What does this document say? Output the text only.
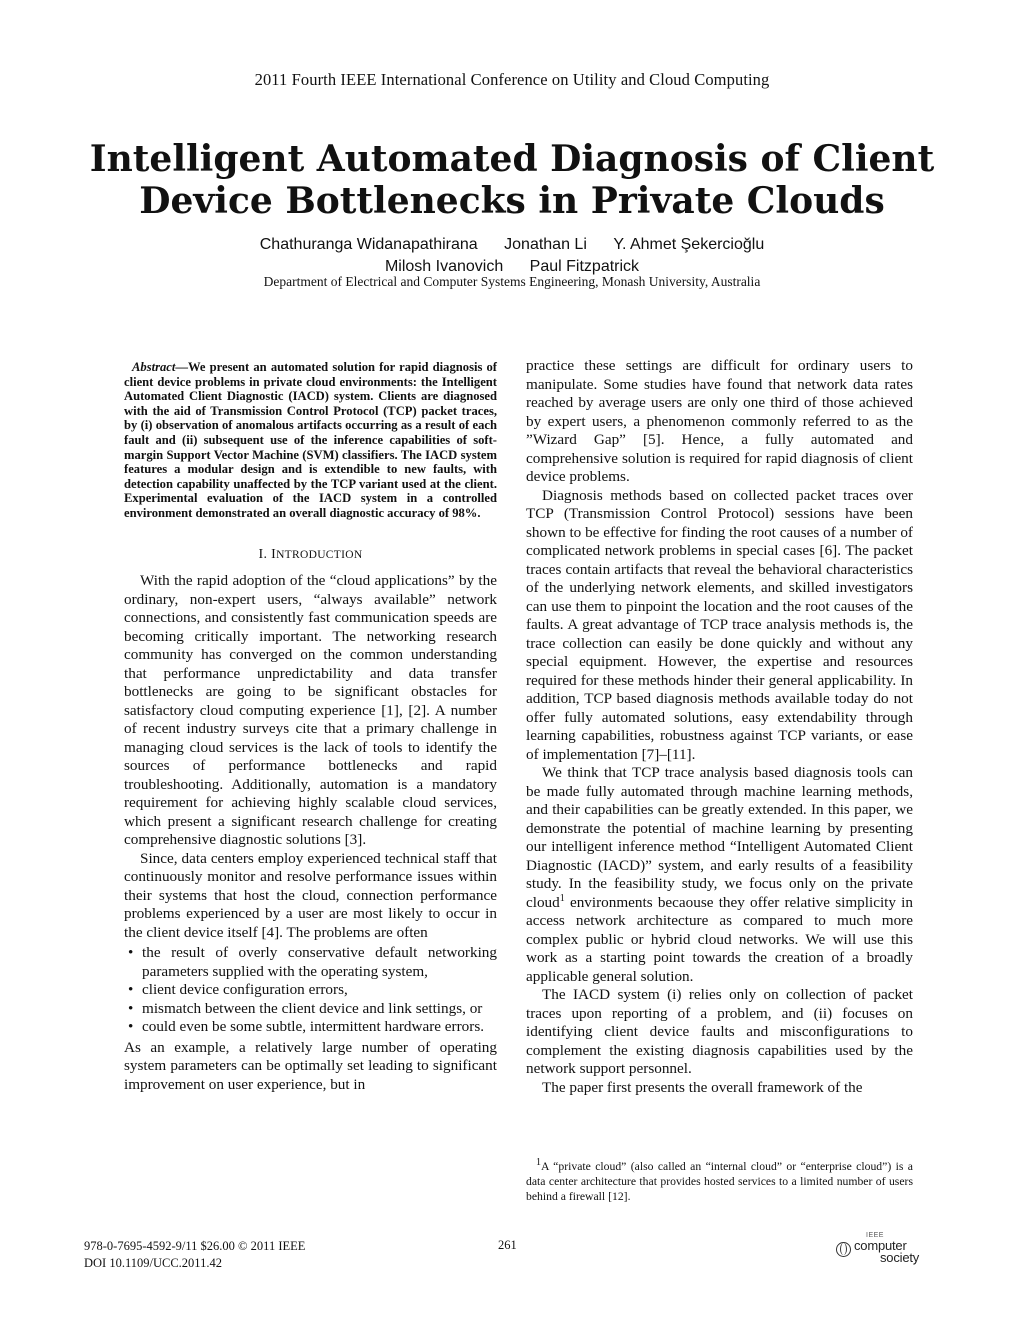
2011 Fourth IEEE International Conference on Utility and Cloud Computing
Intelligent Automated Diagnosis of Client
Device Bottlenecks in Private Clouds
Chathuranga Widanapathirana Jonathan Li Y. Ahmet Şekercioğlu
Milosh Ivanovich Paul Fitzpatrick
Department of Electrical and Computer Systems Engineering, Monash University, Australia

Abstract—We present an automated solution for rapid diagnosis of client device problems in private cloud environments: the Intelligent Automated Client Diagnostic (IACD) system. Clients are diagnosed with the aid of Transmission Control Protocol (TCP) packet traces, by (i) observation of anomalous artifacts occurring as a result of each fault and (ii) subsequent use of the inference capabilities of soft-margin Support Vector Machine (SVM) classifiers. The IACD system features a modular design and is extendible to new faults, with detection capability unaffected by the TCP variant used at the client. Experimental evaluation of the IACD system in a controlled environment demonstrated an overall diagnostic accuracy of 98%.

I. INTRODUCTION

With the rapid adoption of the “cloud applications” by the ordinary, non-expert users, “always available” network connections, and consistently fast communication speeds are becoming critically important. The networking research community has converged on the common understanding that performance unpredictability and data transfer bottlenecks are going to be significant obstacles for satisfactory cloud computing experience [1], [2]. A number of recent industry surveys cite that a primary challenge in managing cloud services is the lack of tools to identify the sources of performance bottlenecks and rapid troubleshooting. Additionally, automation is a mandatory requirement for achieving highly scalable cloud services, which present a significant research challenge for creating comprehensive diagnostic solutions [3].

Since, data centers employ experienced technical staff that continuously monitor and resolve performance issues within their systems that host the cloud, connection performance problems experienced by a user are most likely to occur in the client device itself [4]. The problems are often

• the result of overly conservative default networking parameters supplied with the operating system,
• client device configuration errors,
• mismatch between the client device and link settings, or
• could even be some subtle, intermittent hardware errors.

As an example, a relatively large number of operating system parameters can be optimally set leading to significant improvement on user experience, but in

practice these settings are difficult for ordinary users to manipulate. Some studies have found that network data rates reached by average users are only one third of those achieved by expert users, a phenomenon commonly referred to as the ”Wizard Gap” [5]. Hence, a fully automated and comprehensive solution is required for rapid diagnosis of client device problems.

Diagnosis methods based on collected packet traces over TCP (Transmission Control Protocol) sessions have been shown to be effective for finding the root causes of a number of complicated network problems in special cases [6]. The packet traces contain artifacts that reveal the behavioral characteristics of the underlying network elements, and skilled investigators can use them to pinpoint the location and the root causes of the faults. A great advantage of TCP trace analysis methods is, the trace collection can easily be done quickly and without any special equipment. However, the expertise and resources required for these methods hinder their general applicability. In addition, TCP based diagnosis methods available today do not offer fully automated solutions, easy extendability through learning capabilities, robustness against TCP variants, or ease of implementation [7]–[11].

We think that TCP trace analysis based diagnosis tools can be made fully automated through machine learning methods, and their capabilities can be greatly extended. In this paper, we demonstrate the potential of machine learning by presenting our intelligent inference method “Intelligent Automated Client Diagnostic (IACD)” system, and early results of a feasibility study. In the feasibility study, we focus only on the private cloud$^1$ environments becaouse they offer relative simplicity in access network architecture as compared to much more complex public or hybrid cloud networks. We will use this work as a starting point towards the creation of a broadly applicable general solution.

The IACD system (i) relies only on collection of packet traces upon reporting of a problem, and (ii) focuses on identifying client device faults and misconfigurations to complement the existing diagnosis capabilities used by the network support personnel.

The paper first presents the overall framework of the

$^1$A “private cloud” (also called an “internal cloud” or “enterprise cloud”) is a data center architecture that provides hosted services to a limited number of users behind a firewall [12].
978-0-7695-4592-9/11 $26.00 © 2011 IEEE
DOI 10.1109/UCC.2011.42
261
IEEE
computer
society
